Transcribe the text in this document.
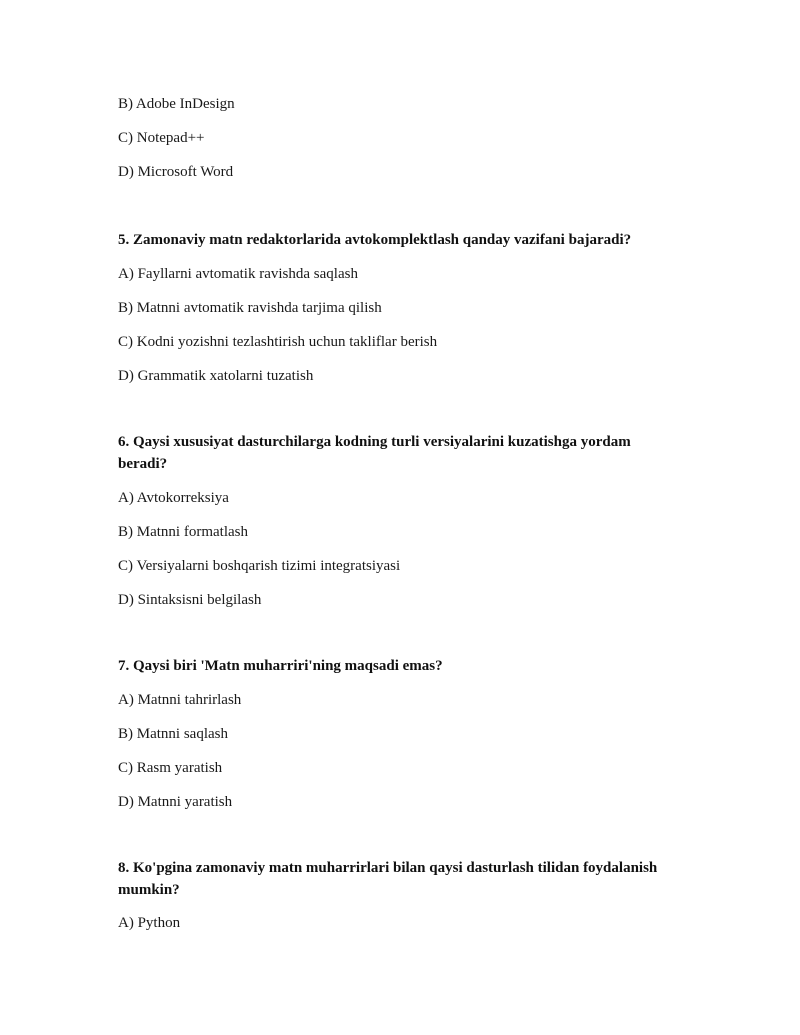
B) Adobe InDesign
C) Notepad++
D) Microsoft Word
5. Zamonaviy matn redaktorlarida avtokomplektlash qanday vazifani bajaradi?
A) Fayllarni avtomatik ravishda saqlash
B) Matnni avtomatik ravishda tarjima qilish
C) Kodni yozishni tezlashtirish uchun takliflar berish
D) Grammatik xatolarni tuzatish
6. Qaysi xususiyat dasturchilarga kodning turli versiyalarini kuzatishga yordam beradi?
A) Avtokorreksiya
B) Matnni formatlash
C) Versiyalarni boshqarish tizimi integratsiyasi
D) Sintaksisni belgilash
7. Qaysi biri 'Matn muharriri'ning maqsadi emas?
A) Matnni tahrirlash
B) Matnni saqlash
C) Rasm yaratish
D) Matnni yaratish
8. Ko'pgina zamonaviy matn muharrirlari bilan qaysi dasturlash tilidan foydalanish mumkin?
A) Python
